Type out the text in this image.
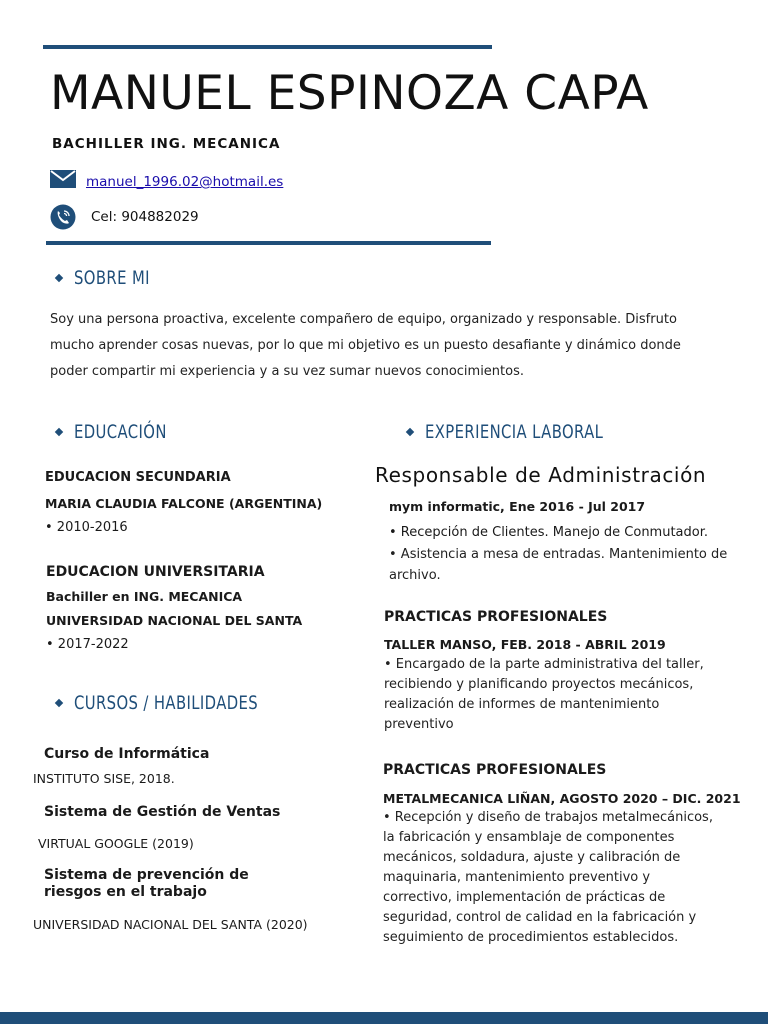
MANUEL ESPINOZA CAPA
BACHILLER ING. MECANICA
manuel_1996.02@hotmail.es
Cel: 904882029
SOBRE MI

Soy una persona proactiva, excelente compañero de equipo, organizado y responsable. Disfruto mucho aprender cosas nuevas, por lo que mi objetivo es un puesto desafiante y dinámico donde poder compartir mi experiencia y a su vez sumar nuevos conocimientos.

EDUCACIÓN
EDUCACION SECUNDARIA
MARIA CLAUDIA FALCONE (ARGENTINA)
• 2010-2016
EDUCACION UNIVERSITARIA
Bachiller en ING. MECANICA
UNIVERSIDAD NACIONAL DEL SANTA
• 2017-2022
CURSOS / HABILIDADES
Curso de Informática
INSTITUTO SISE, 2018.
Sistema de Gestión de Ventas
VIRTUAL GOOGLE (2019)
Sistema de prevención de
riesgos en el trabajo
UNIVERSIDAD NACIONAL DEL SANTA (2020)
EXPERIENCIA LABORAL
Responsable de Administración
mym informatic, Ene 2016 - Jul 2017
• Recepción de Clientes. Manejo de Conmutador.
• Asistencia a mesa de entradas. Mantenimiento de archivo.
PRACTICAS PROFESIONALES
TALLER MANSO, FEB. 2018 - ABRIL 2019
• Encargado de la parte administrativa del taller, recibiendo y planificando proyectos mecánicos, realización de informes de mantenimiento preventivo
PRACTICAS PROFESIONALES
METALMECANICA LIÑAN, AGOSTO 2020 – DIC. 2021
• Recepción y diseño de trabajos metalmecánicos, la fabricación y ensamblaje de componentes mecánicos, soldadura, ajuste y calibración de maquinaria, mantenimiento preventivo y correctivo, implementación de prácticas de seguridad, control de calidad en la fabricación y seguimiento de procedimientos establecidos.
